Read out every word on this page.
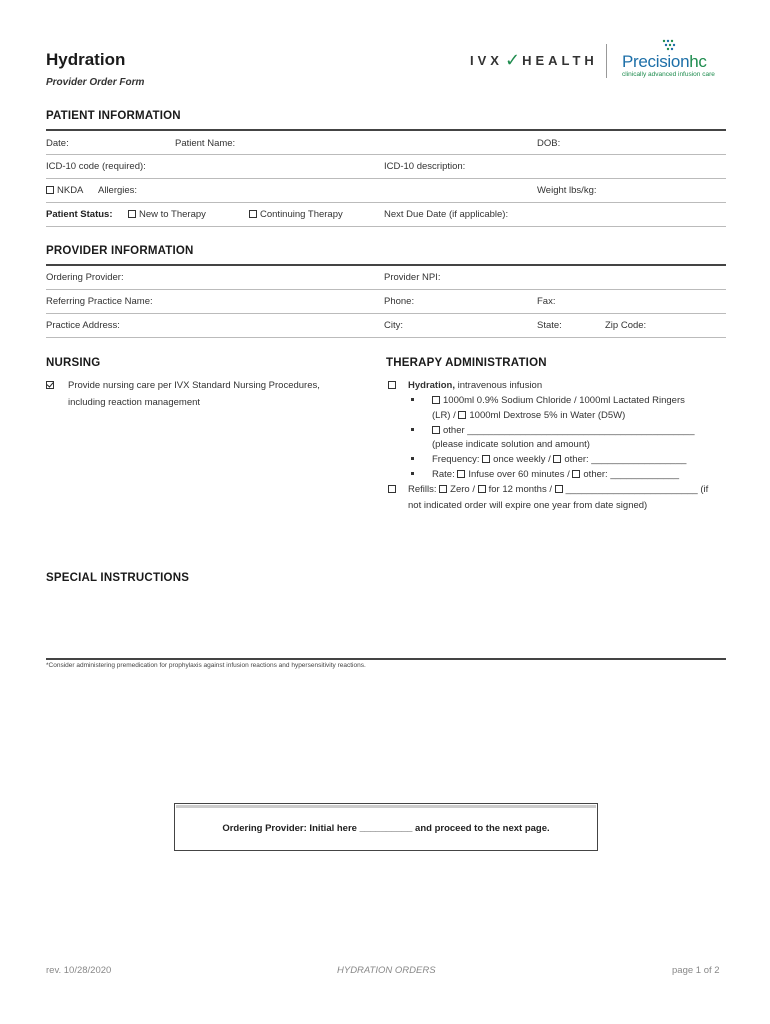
Hydration
Provider Order Form
IVX ✓ HEALTH Precisionhc
clinically advanced infusion care
PATIENT INFORMATION
Date:	Patient Name:	DOB:
ICD-10 code (required):	ICD-10 description:
NKDA Allergies:	Weight lbs/kg:
Patient Status:	New to Therapy	Continuing Therapy	Next Due Date (if applicable):
PROVIDER INFORMATION
Ordering Provider:	Provider NPI:
Referring Practice Name:	Phone:	Fax:
Practice Address:	City:	State:	Zip Code:
NURSING
Provide nursing care per IVX Standard Nursing Procedures,
including reaction management
THERAPY ADMINISTRATION
Hydration, intravenous infusion
1000ml 0.9% Sodium Chloride / 1000ml Lactated Ringers
(LR) / 1000ml Dextrose 5% in Water (D5W)
other ___________________________________________
(please indicate solution and amount)
Frequency: once weekly / other: __________________
Rate: Infuse over 60 minutes / other: _____________
Refills: Zero / for 12 months / _________________________ (if
not indicated order will expire one year from date signed)
SPECIAL INSTRUCTIONS
*Consider administering premedication for prophylaxis against infusion reactions and hypersensitivity reactions.
Ordering Provider: Initial here __________ and proceed to the next page.
rev. 10/28/2020	HYDRATION ORDERS	page 1 of 2
